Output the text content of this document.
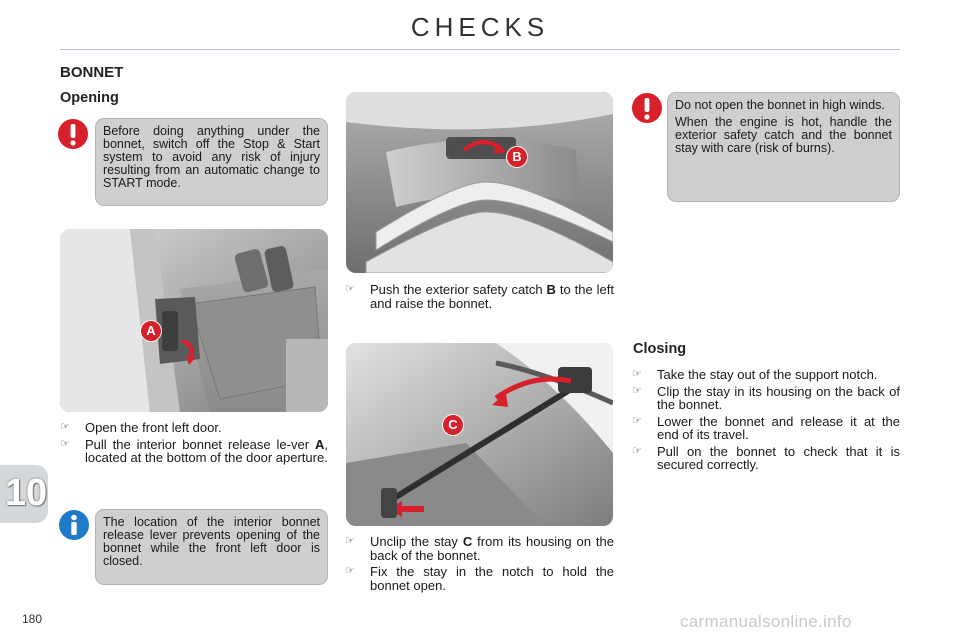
CHECKS
BONNET
Opening

Before doing anything under the bonnet, switch off the Stop & Start system to avoid any risk of injury resulting from an automatic change to START mode.

A
☞	Open the front left door.
☞	Pull the interior bonnet release le-ver A, located at the bottom of the door aperture.

The location of the interior bonnet release lever prevents opening of the bonnet while the front left door is closed.

B
☞	Push the exterior safety catch B to the left and raise the bonnet.
C
☞	Unclip the stay C from its housing on the back of the bonnet.
☞	Fix the stay in the notch to hold the bonnet open.

Do not open the bonnet in high winds.

When the engine is hot, handle the exterior safety catch and the bonnet stay with care (risk of burns).

Closing
☞	Take the stay out of the support notch.
☞	Clip the stay in its housing on the back of the bonnet.
☞	Lower the bonnet and release it at the end of its travel.
☞	Pull on the bonnet to check that it is secured correctly.
10
180	carmanualsonline.info
